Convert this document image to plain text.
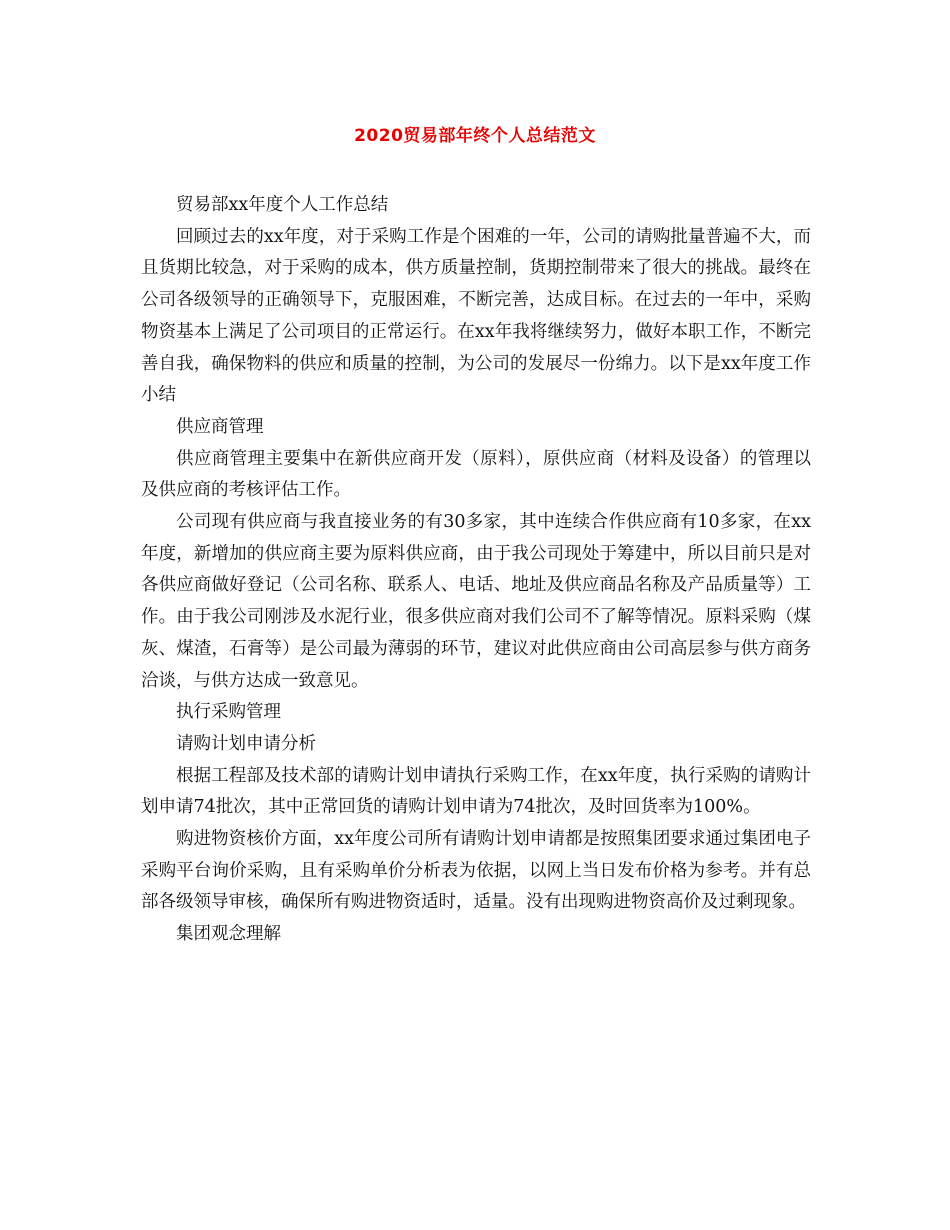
2020贸易部年终个人总结范文

贸易部xx年度个人工作总结

回顾过去的xx年度，对于采购工作是个困难的一年，公司的请购批量普遍不大，而且货期比较急，对于采购的成本，供方质量控制，货期控制带来了很大的挑战。最终在公司各级领导的正确领导下，克服困难，不断完善，达成目标。在过去的一年中，采购物资基本上满足了公司项目的正常运行。在xx年我将继续努力，做好本职工作，不断完善自我，确保物料的供应和质量的控制，为公司的发展尽一份绵力。以下是xx年度工作小结

供应商管理

供应商管理主要集中在新供应商开发（原料），原供应商（材料及设备）的管理以及供应商的考核评估工作。

公司现有供应商与我直接业务的有30多家，其中连续合作供应商有10多家，在xx年度，新增加的供应商主要为原料供应商，由于我公司现处于筹建中，所以目前只是对各供应商做好登记（公司名称、联系人、电话、地址及供应商品名称及产品质量等）工作。由于我公司刚涉及水泥行业，很多供应商对我们公司不了解等情况。原料采购（煤灰、煤渣，石膏等）是公司最为薄弱的环节，建议对此供应商由公司高层参与供方商务洽谈，与供方达成一致意见。

执行采购管理

请购计划申请分析

根据工程部及技术部的请购计划申请执行采购工作，在xx年度，执行采购的请购计划申请74批次，其中正常回货的请购计划申请为74批次，及时回货率为100%。

购进物资核价方面，xx年度公司所有请购计划申请都是按照集团要求通过集团电子采购平台询价采购，且有采购单价分析表为依据，以网上当日发布价格为参考。并有总部各级领导审核，确保所有购进物资适时，适量。没有出现购进物资高价及过剩现象。

集团观念理解
